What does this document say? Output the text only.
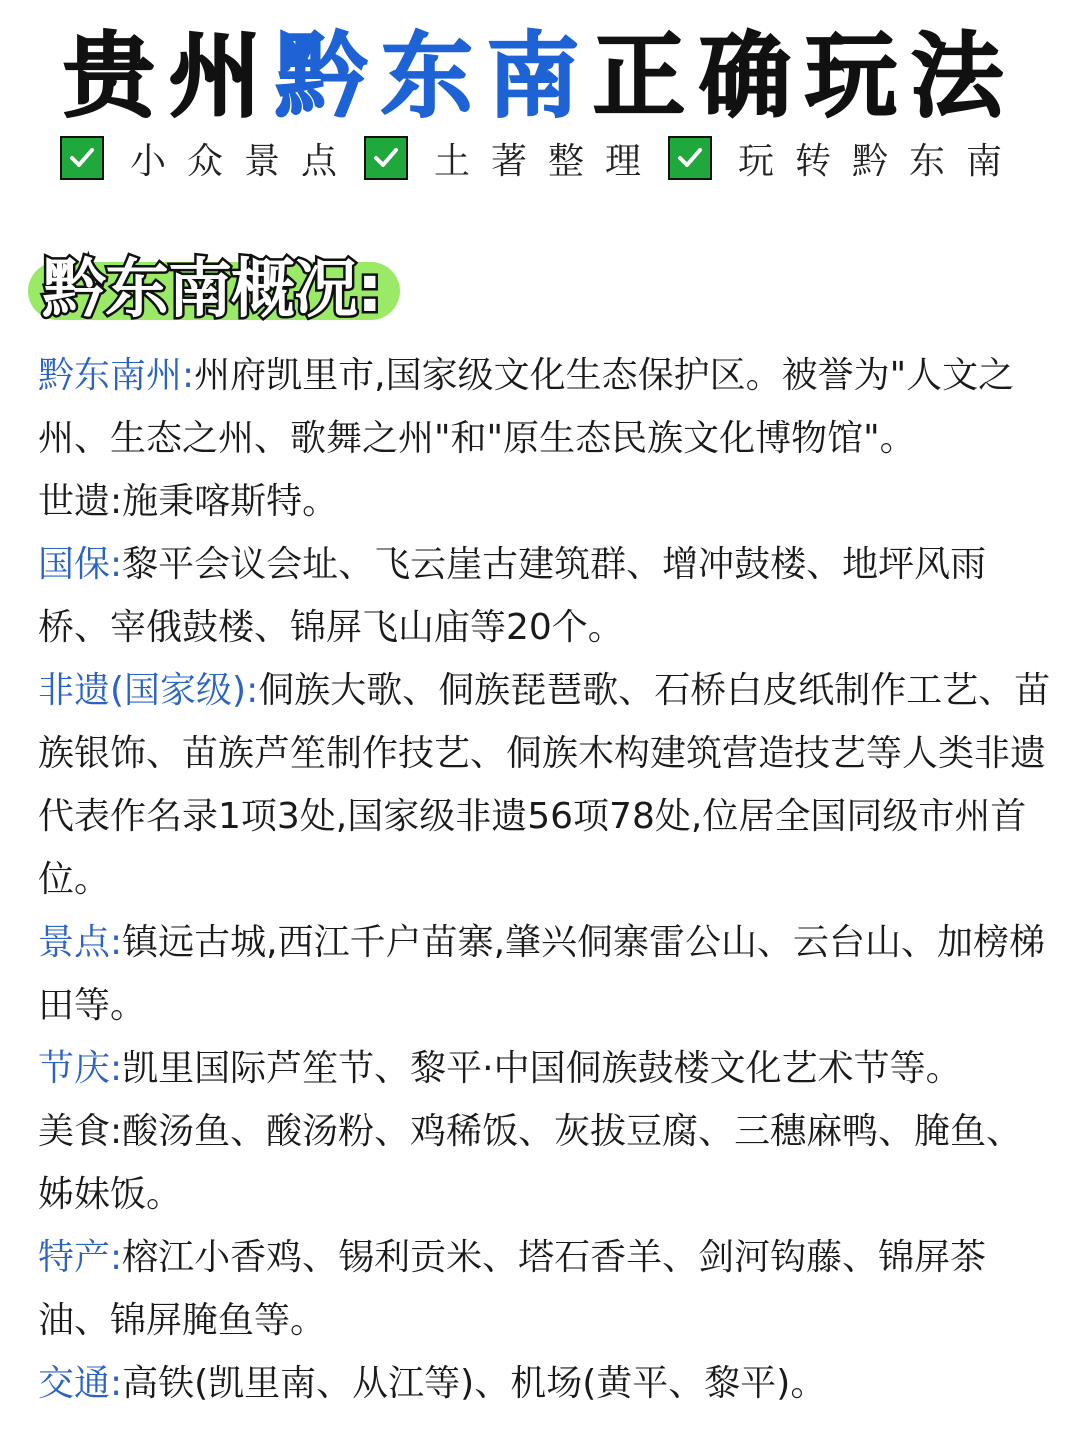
贵州黔东南正确玩法
小众景点 土著整理 玩转黔东南
黔东南概况:

黔东南州:州府凯里市,国家级文化生态保护区。被誉为"人文之州、生态之州、歌舞之州"和"原生态民族文化博物馆"。

世遗:施秉喀斯特。

国保:黎平会议会址、飞云崖古建筑群、增冲鼓楼、地坪风雨桥、宰俄鼓楼、锦屏飞山庙等20个。

非遗(国家级):侗族大歌、侗族琵琶歌、石桥白皮纸制作工艺、苗族银饰、苗族芦笙制作技艺、侗族木构建筑营造技艺等人类非遗代表作名录1项3处,国家级非遗56项78处,位居全国同级市州首位。

景点:镇远古城,西江千户苗寨,肇兴侗寨雷公山、云台山、加榜梯田等。

节庆:凯里国际芦笙节、黎平·中国侗族鼓楼文化艺术节等。

美食:酸汤鱼、酸汤粉、鸡稀饭、灰拔豆腐、三穗麻鸭、腌鱼、姊妹饭。

特产:榕江小香鸡、锡利贡米、塔石香羊、剑河钩藤、锦屏茶油、锦屏腌鱼等。

交通:高铁(凯里南、从江等)、机场(黄平、黎平)。
